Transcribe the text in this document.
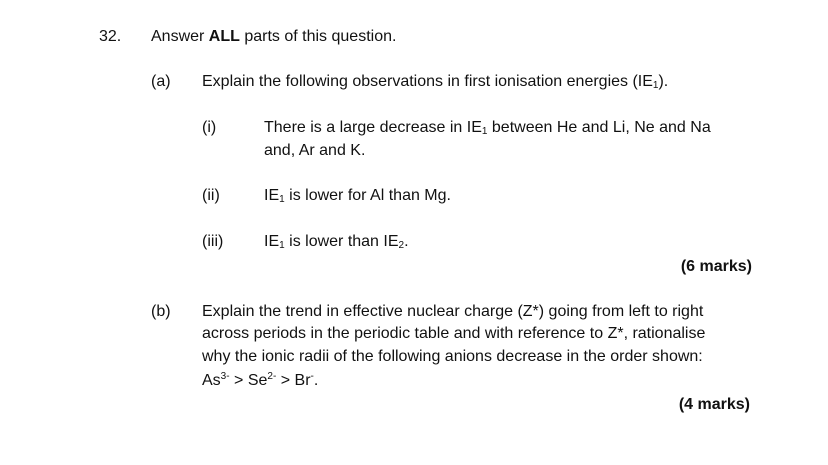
32. Answer ALL parts of this question.
(a) Explain the following observations in first ionisation energies $(IE_1)$.
(i)	There is a large decrease in $IE_1$ between He and Li, Ne and Na
and, Ar and K.
(ii)	$IE_1$ is lower for Al than Mg.
(iii)	$IE_1$ is lower than $IE_2$.
(6 marks)
(b) Explain the trend in effective nuclear charge (Z*) going from left to right
across periods in the periodic table and with reference to Z*, rationalise
why the ionic radii of the following anions decrease in the order shown:
$As^{3-} > Se^{2-} > Br^-$.
(4 marks)
